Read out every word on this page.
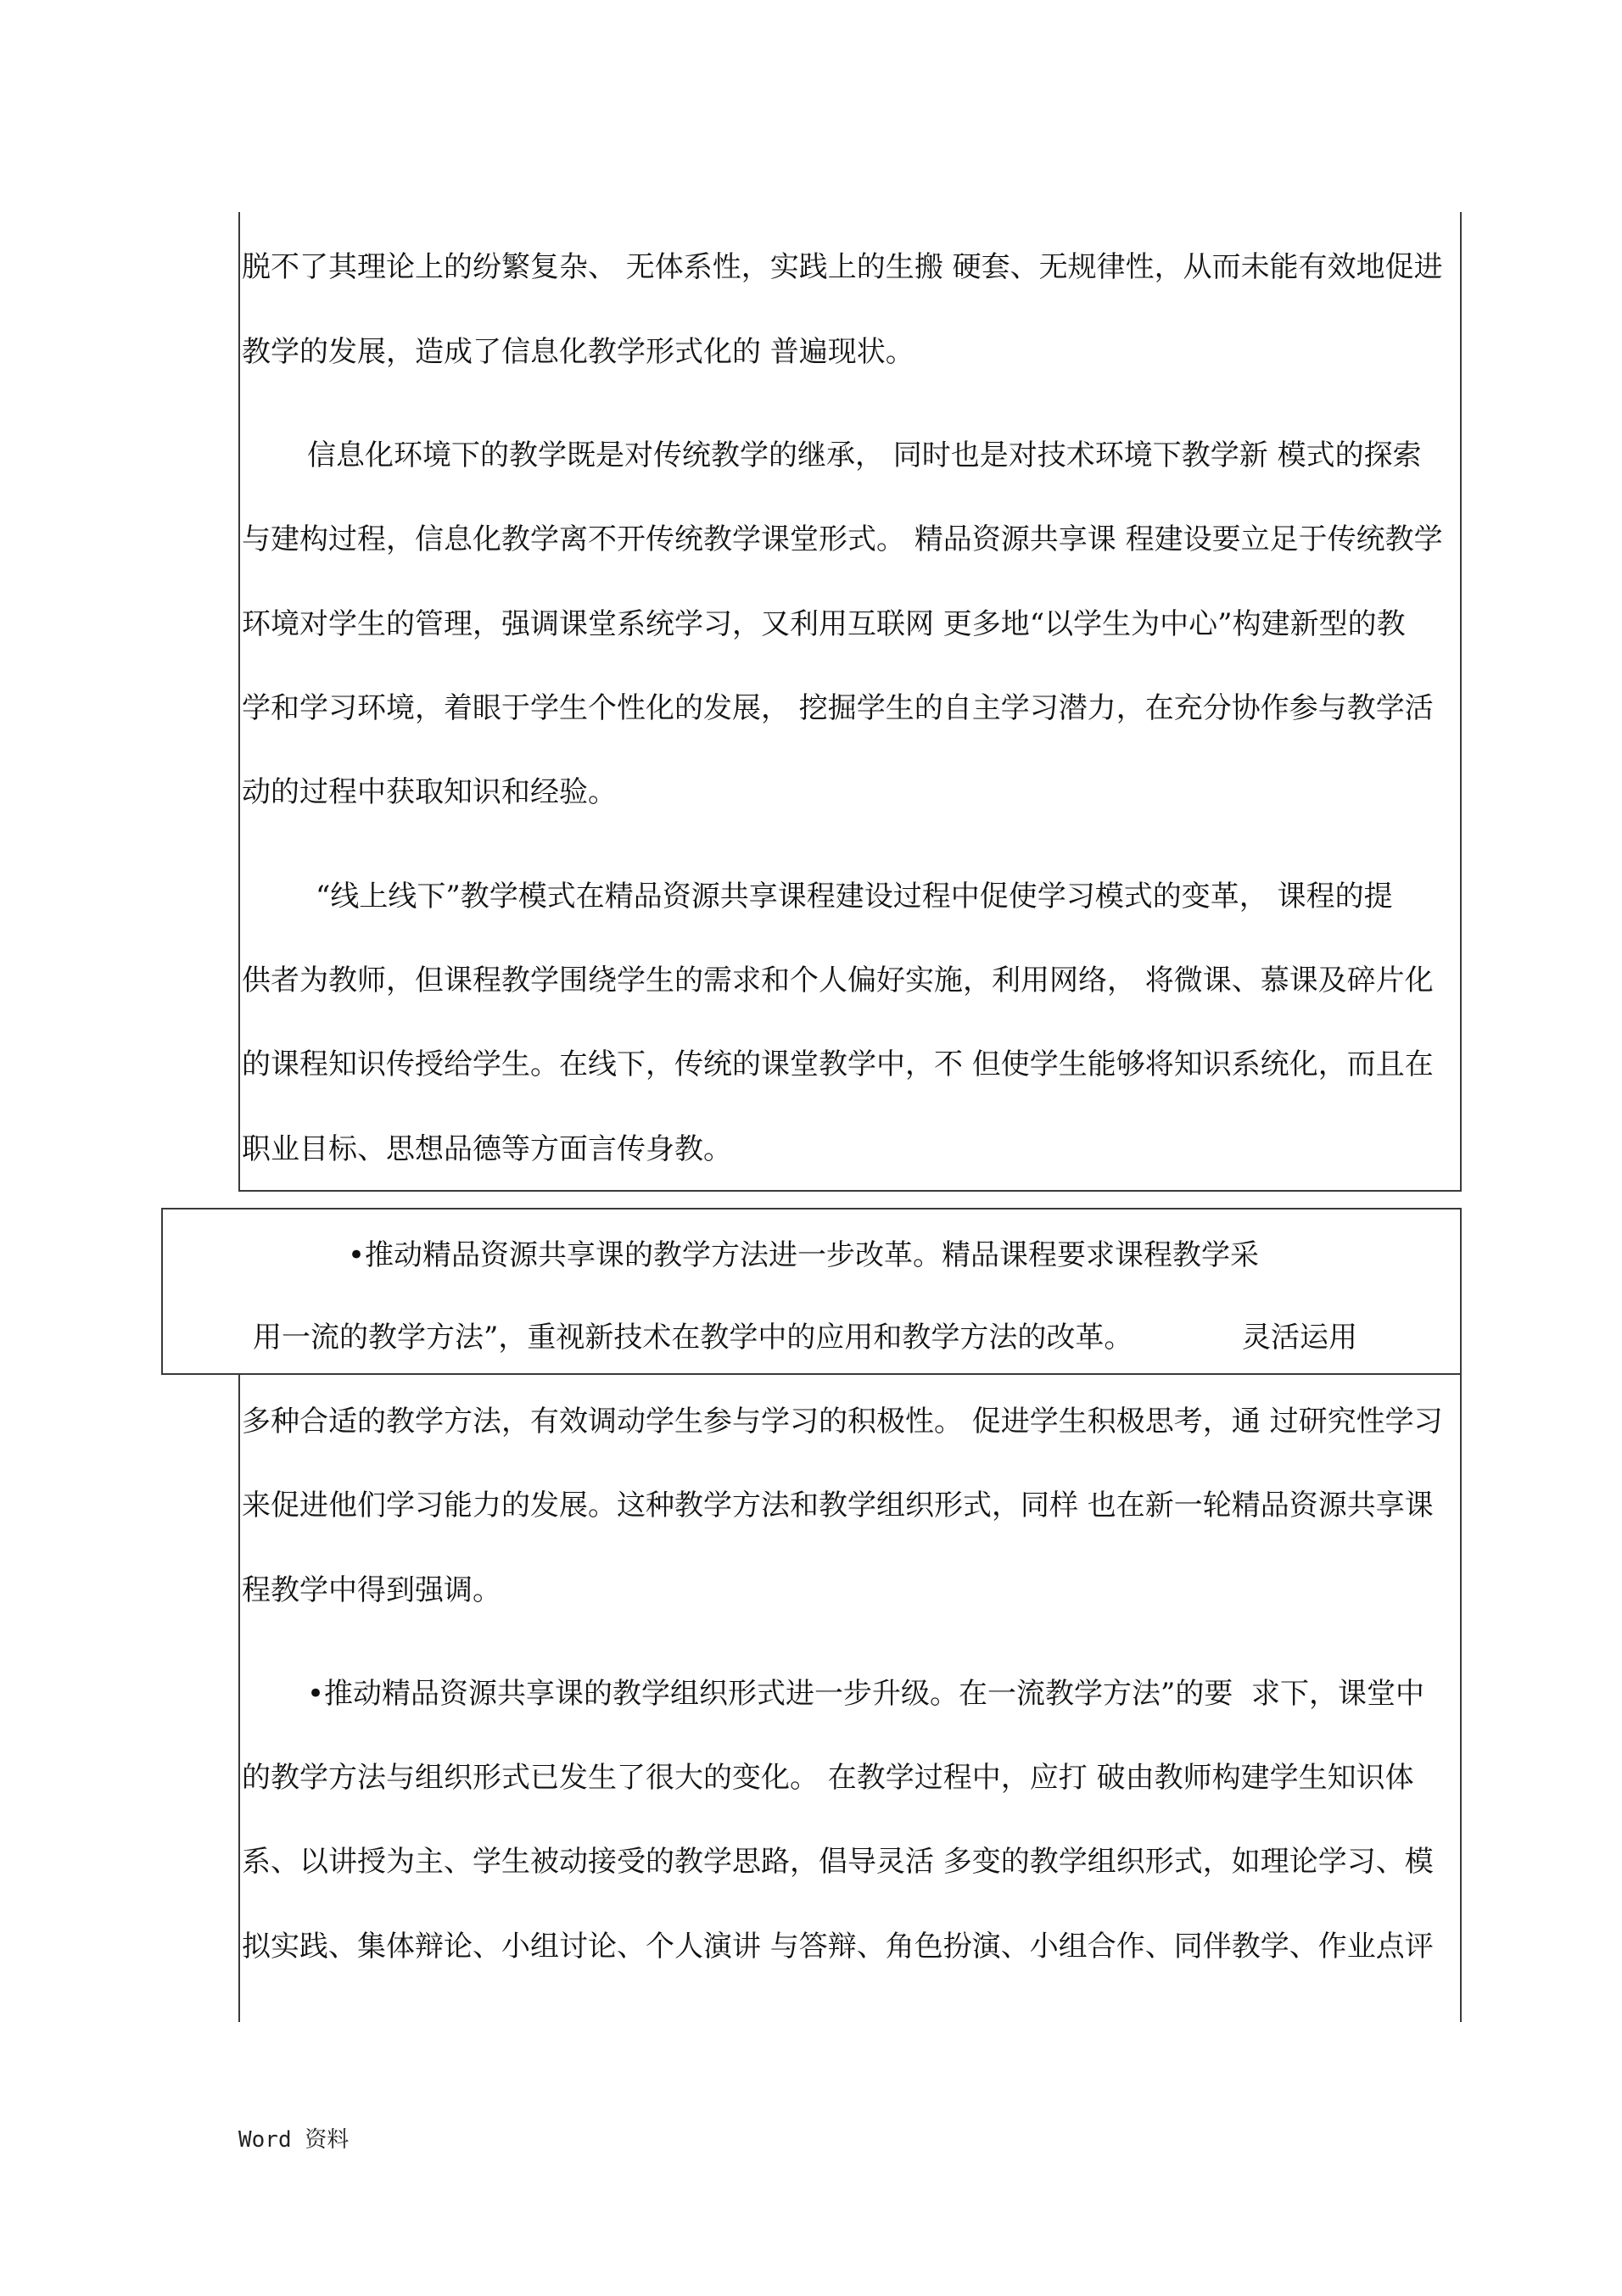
脱不了其理论上的纷繁复杂、 无体系性，实践上的生搬 硬套、无规律性，从而未能有效地促进
教学的发展，造成了信息化教学形式化的 普遍现状。
信息化环境下的教学既是对传统教学的继承， 同时也是对技术环境下教学新 模式的探索
与建构过程，信息化教学离不开传统教学课堂形式。 精品资源共享课 程建设要立足于传统教学
环境对学生的管理，强调课堂系统学习，又利用互联网 更多地“以学生为中心”构建新型的教
学和学习环境，着眼于学生个性化的发展， 挖掘学生的自主学习潜力，在充分协作参与教学活
动的过程中获取知识和经验。
“线上线下”教学模式在精品资源共享课程建设过程中促使学习模式的变革， 课程的提
供者为教师，但课程教学围绕学生的需求和个人偏好实施，利用网络， 将微课、慕课及碎片化
的课程知识传授给学生。在线下，传统的课堂教学中，不 但使学生能够将知识系统化，而且在
职业目标、思想品德等方面言传身教。
•推动精品资源共享课的教学方法进一步改革。精品课程要求课程教学采
用一流的教学方法”，重视新技术在教学中的应用和教学方法的改革。	灵活运用
多种合适的教学方法，有效调动学生参与学习的积极性。 促进学生积极思考，通 过研究性学习
来促进他们学习能力的发展。这种教学方法和教学组织形式，同样 也在新一轮精品资源共享课
程教学中得到强调。
•推动精品资源共享课的教学组织形式进一步升级。在一流教学方法”的要  求下，课堂中
的教学方法与组织形式已发生了很大的变化。 在教学过程中，应打 破由教师构建学生知识体
系、以讲授为主、学生被动接受的教学思路，倡导灵活 多变的教学组织形式，如理论学习、模
拟实践、集体辩论、小组讨论、个人演讲 与答辩、角色扮演、小组合作、同伴教学、作业点评
Word 资料
